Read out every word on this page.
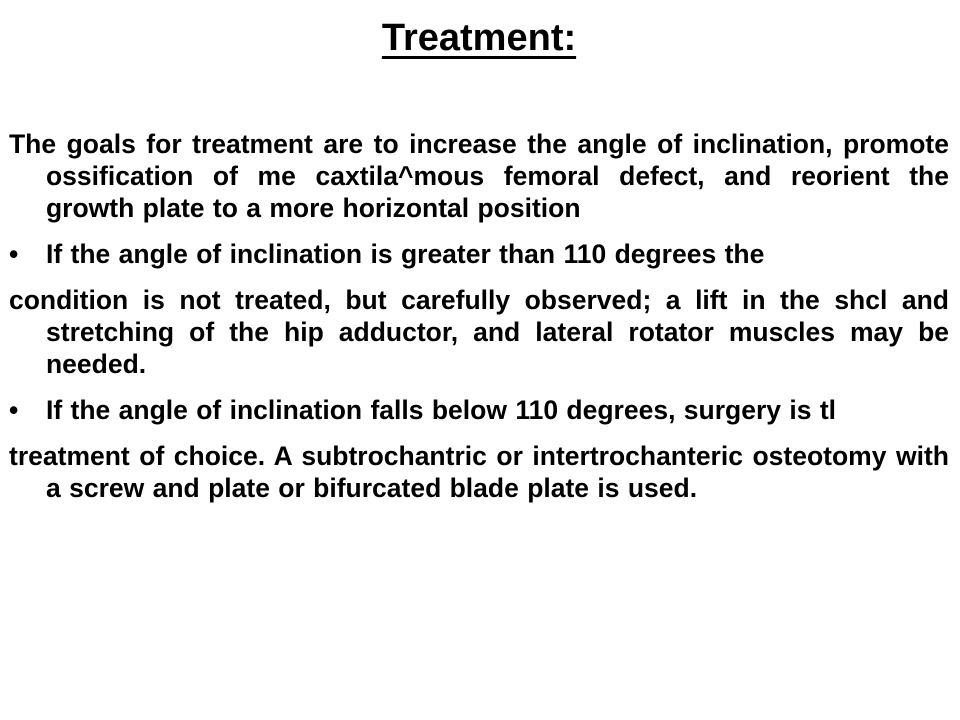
Treatment:

The goals for treatment are to increase the angle of inclination, promote ossification of me caxtila^mous femoral defect, and reorient the growth plate to a more horizontal position

• If the angle of inclination is greater than 110 degrees the

condition is not treated, but carefully observed; a lift in the shcl and stretching of the hip adductor, and lateral rotator muscles may be needed.

• If the angle of inclination falls below 110 degrees, surgery is tl

treatment of choice. A subtrochantric or intertrochanteric osteotomy with a screw and plate or bifurcated blade plate is used.
